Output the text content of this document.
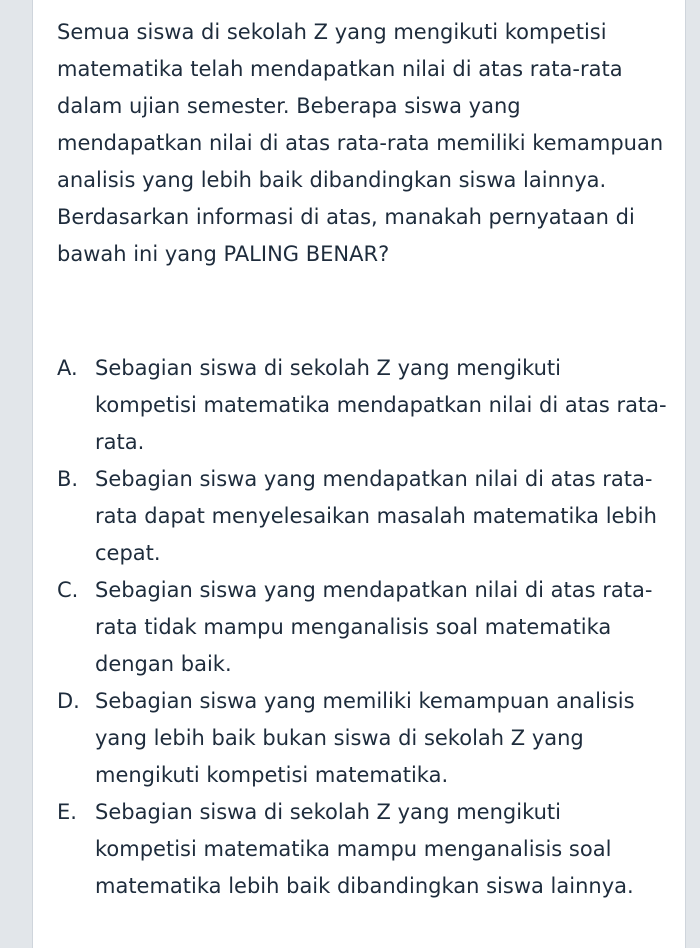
Semua siswa di sekolah Z yang mengikuti kompetisi matematika telah mendapatkan nilai di atas rata-rata dalam ujian semester. Beberapa siswa yang mendapatkan nilai di atas rata-rata memiliki kemampuan analisis yang lebih baik dibandingkan siswa lainnya.

Berdasarkan informasi di atas, manakah pernyataan di bawah ini yang PALING BENAR?

A. Sebagian siswa di sekolah Z yang mengikuti kompetisi matematika mendapatkan nilai di atas rata-rata.
B. Sebagian siswa yang mendapatkan nilai di atas rata-rata dapat menyelesaikan masalah matematika lebih cepat.
C. Sebagian siswa yang mendapatkan nilai di atas rata-rata tidak mampu menganalisis soal matematika dengan baik.
D. Sebagian siswa yang memiliki kemampuan analisis yang lebih baik bukan siswa di sekolah Z yang mengikuti kompetisi matematika.
E. Sebagian siswa di sekolah Z yang mengikuti kompetisi matematika mampu menganalisis soal matematika lebih baik dibandingkan siswa lainnya.
